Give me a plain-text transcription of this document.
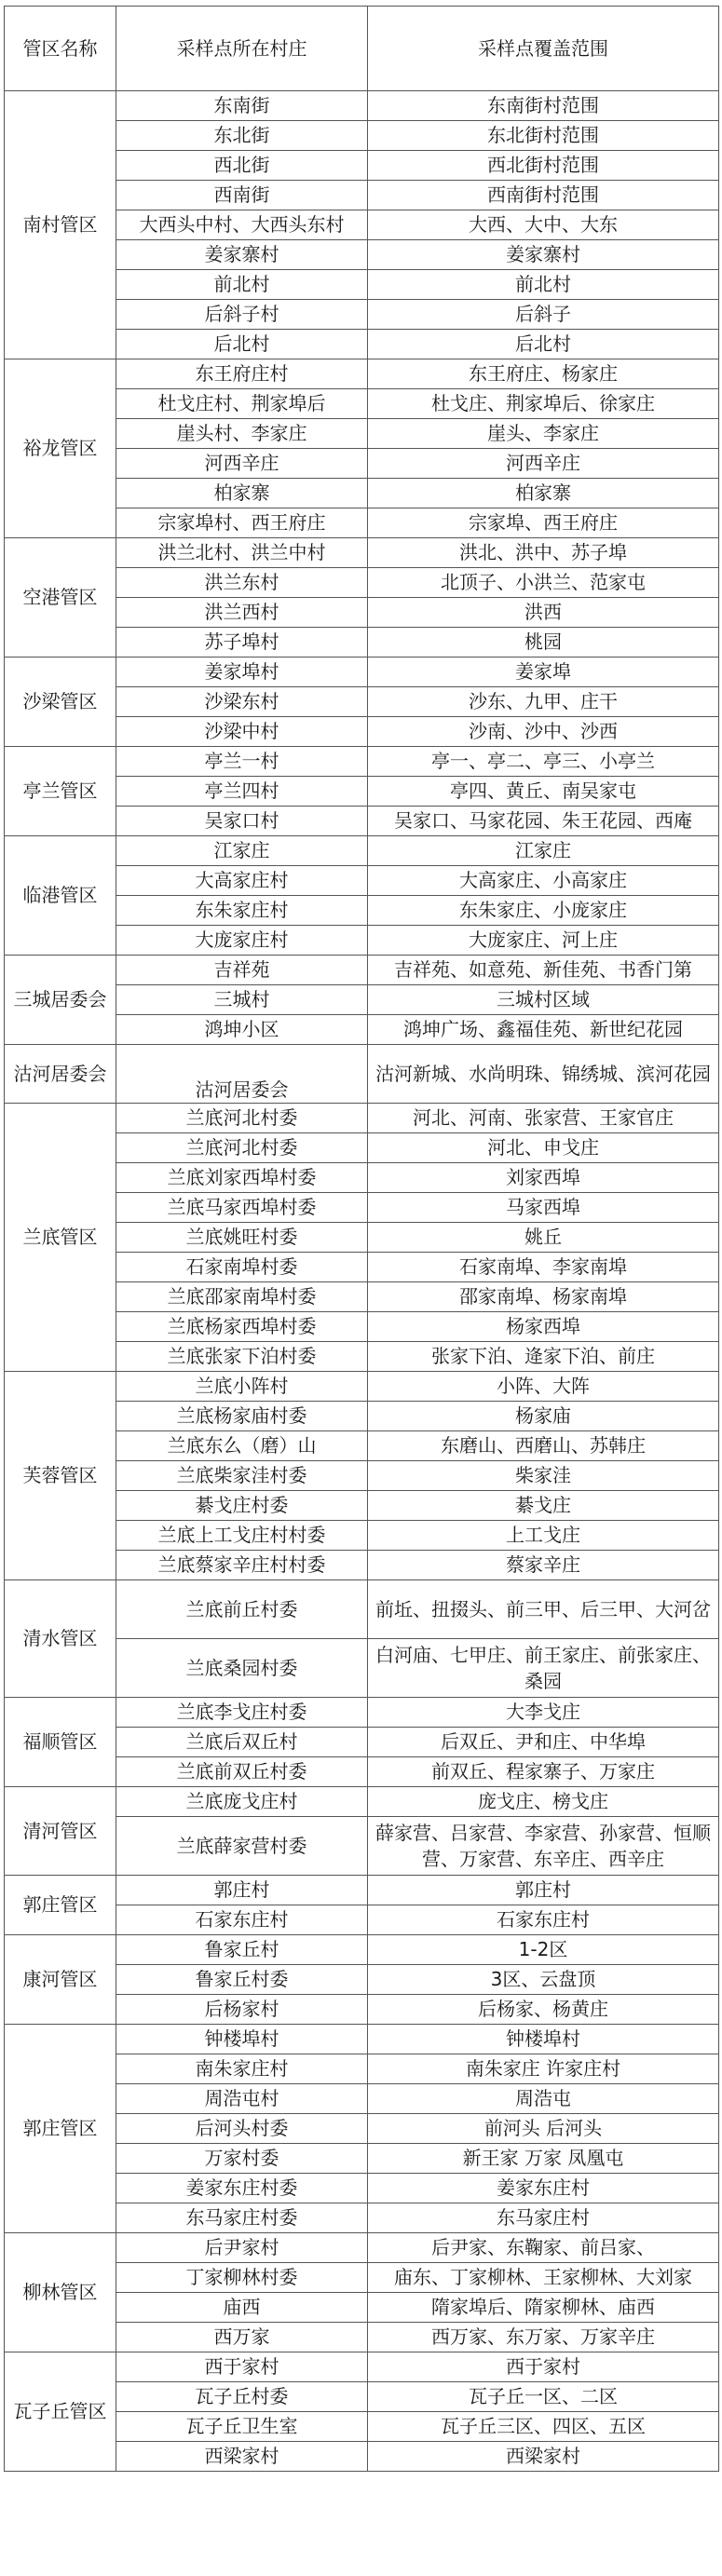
管区名称	采样点所在村庄	采样点覆盖范围
南村管区	东南街	东南街村范围
	东北街	东北街村范围
	西北街	西北街村范围
	西南街	西南街村范围
	大西头中村、大西头东村	大西、大中、大东
	姜家寨村	姜家寨村
	前北村	前北村
	后斜子村	后斜子
	后北村	后北村
裕龙管区	东王府庄村	东王府庄、杨家庄
	杜戈庄村、荆家埠后	杜戈庄、荆家埠后、徐家庄
	崖头村、李家庄	崖头、李家庄
	河西辛庄	河西辛庄
	柏家寨	柏家寨
	宗家埠村、西王府庄	宗家埠、西王府庄
空港管区	洪兰北村、洪兰中村	洪北、洪中、苏子埠
	洪兰东村	北顶子、小洪兰、范家屯
	洪兰西村	洪西
	苏子埠村	桃园
沙梁管区	姜家埠村	姜家埠
	沙梁东村	沙东、九甲、庄干
	沙梁中村	沙南、沙中、沙西
亭兰管区	亭兰一村	亭一、亭二、亭三、小亭兰
	亭兰四村	亭四、黄丘、南吴家屯
	吴家口村	吴家口、马家花园、朱王花园、西庵
临港管区	江家庄	江家庄
	大高家庄村	大高家庄、小高家庄
	东朱家庄村	东朱家庄、小庞家庄
	大庞家庄村	大庞家庄、河上庄
三城居委会	吉祥苑	吉祥苑、如意苑、新佳苑、书香门第
	三城村	三城村区域
	鸿坤小区	鸿坤广场、鑫福佳苑、新世纪花园
沽河居委会	沽河居委会	沽河新城、水尚明珠、锦绣城、滨河花园
兰底管区	兰底河北村委	河北、河南、张家营、王家官庄
	兰底河北村委	河北、申戈庄
	兰底刘家西埠村委	刘家西埠
	兰底马家西埠村委	马家西埠
	兰底姚旺村委	姚丘
	石家南埠村委	石家南埠、李家南埠
	兰底邵家南埠村委	邵家南埠、杨家南埠
	兰底杨家西埠村委	杨家西埠
	兰底张家下泊村委	张家下泊、逄家下泊、前庄
芙蓉管区	兰底小阵村	小阵、大阵
	兰底杨家庙村委	杨家庙
	兰底东么（磨）山	东磨山、西磨山、苏韩庄
	兰底柴家洼村委	柴家洼
	綦戈庄村委	綦戈庄
	兰底上工戈庄村村委	上工戈庄
	兰底蔡家辛庄村村委	蔡家辛庄
清水管区	兰底前丘村委	前坵、扭掇头、前三甲、后三甲、大河岔
	兰底桑园村委	白河庙、七甲庄、前王家庄、前张家庄、桑园
福顺管区	兰底李戈庄村委	大李戈庄
	兰底后双丘村	后双丘、尹和庄、中华埠
	兰底前双丘村委	前双丘、程家寨子、万家庄
清河管区	兰底庞戈庄村	庞戈庄、榜戈庄
	兰底薛家营村委	薛家营、吕家营、李家营、孙家营、恒顺营、万家营、东辛庄、西辛庄
郭庄管区	郭庄村	郭庄村
	石家东庄村	石家东庄村
康河管区	鲁家丘村	1-2区
	鲁家丘村委	3区、云盘顶
	后杨家村	后杨家、杨黄庄
郭庄管区	钟楼埠村	钟楼埠村
	南朱家庄村	南朱家庄 许家庄村
	周浩屯村	周浩屯
	后河头村委	前河头 后河头
	万家村委	新王家 万家 凤凰屯
	姜家东庄村委	姜家东庄村
	东马家庄村委	东马家庄村
柳林管区	后尹家村	后尹家、东鞠家、前吕家、
	丁家柳林村委	庙东、丁家柳林、王家柳林、大刘家
	庙西	隋家埠后、隋家柳林、庙西
	西万家	西万家、东万家、万家辛庄
瓦子丘管区	西于家村	西于家村
	瓦子丘村委	瓦子丘一区、二区
	瓦子丘卫生室	瓦子丘三区、四区、五区
	西梁家村	西梁家村
